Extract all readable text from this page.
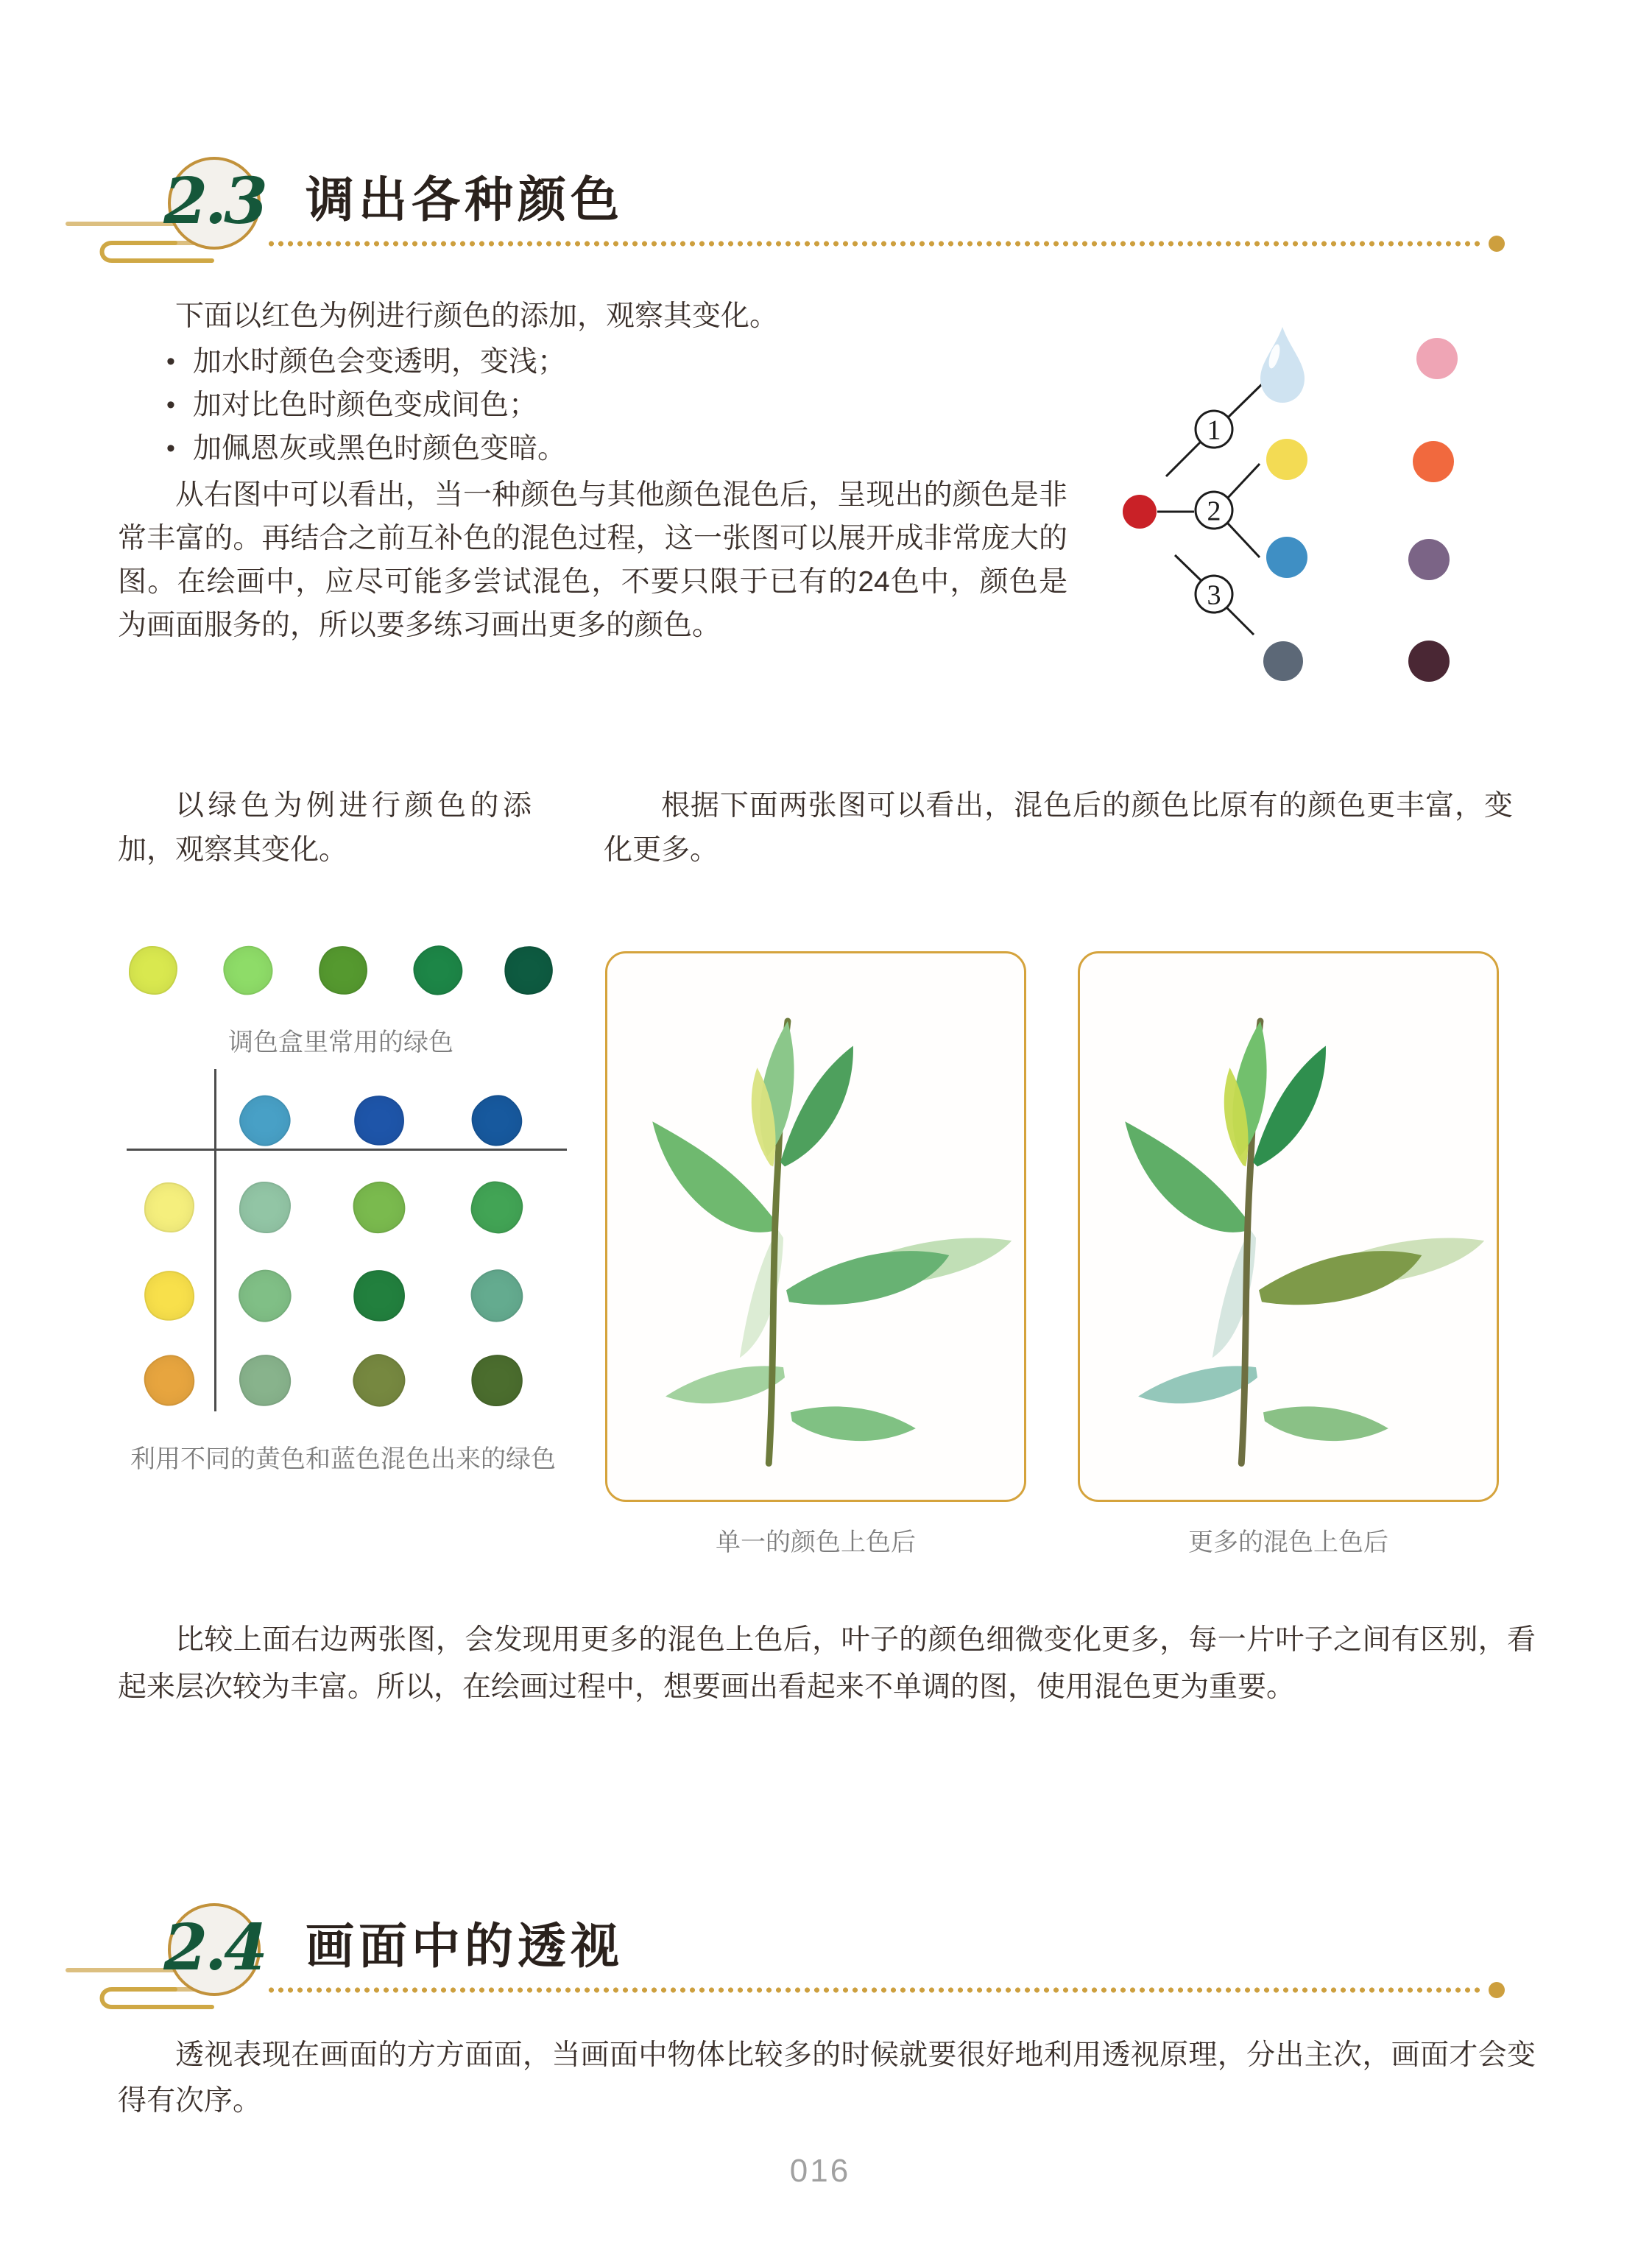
2.3 调出各种颜色

下面以红色为例进行颜色的添加，观察其变化。

• 加水时颜色会变透明，变浅；
• 加对比色时颜色变成间色；
• 加佩恩灰或黑色时颜色变暗。

从右图中可以看出，当一种颜色与其他颜色混色后，呈现出的颜色是非常丰富的。再结合之前互补色的混色过程，这一张图可以展开成非常庞大的图。在绘画中，应尽可能多尝试混色，不要只限于已有的24色中，颜色是为画面服务的，所以要多练习画出更多的颜色。

1
2
3

以绿色为例进行颜色的添加，观察其变化。

根据下面两张图可以看出，混色后的颜色比原有的颜色更丰富，变化更多。

调色盒里常用的绿色
利用不同的黄色和蓝色混色出来的绿色
单一的颜色上色后	更多的混色上色后

比较上面右边两张图，会发现用更多的混色上色后，叶子的颜色细微变化更多，每一片叶子之间有区别，看起来层次较为丰富。所以，在绘画过程中，想要画出看起来不单调的图，使用混色更为重要。

2.4 画面中的透视

透视表现在画面的方方面面，当画面中物体比较多的时候就要很好地利用透视原理，分出主次，画面才会变得有次序。

016
